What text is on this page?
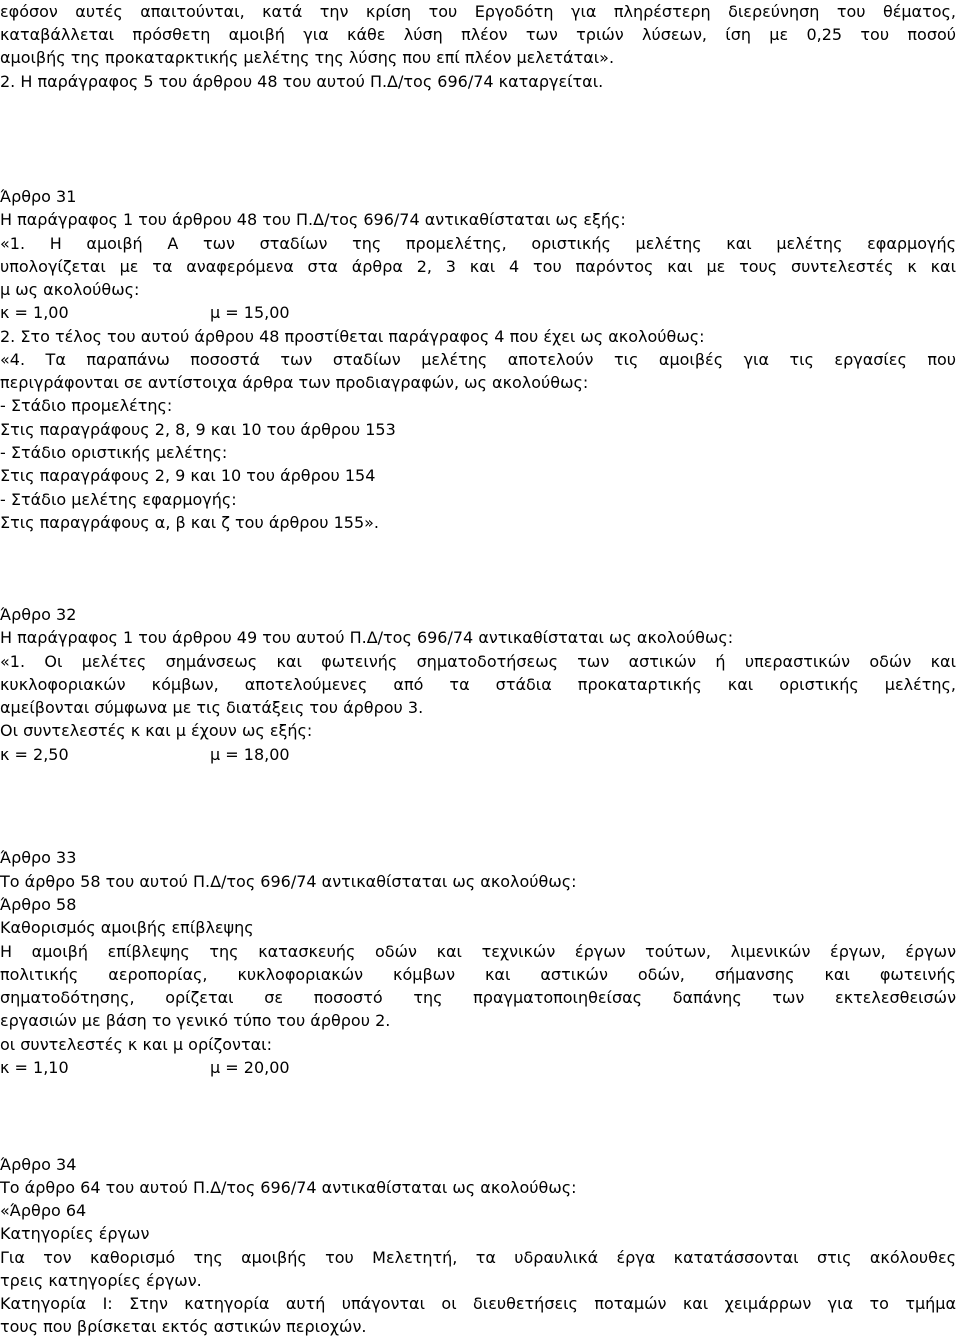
εφόσον αυτές απαιτούνται, κατά την κρίση του Εργοδότη για πληρέστερη διερεύνηση του θέματος,
καταβάλλεται πρόσθετη αμοιβή για κάθε λύση πλέον των τριών λύσεων, ίση με 0,25 του ποσού
αμοιβής της προκαταρκτικής μελέτης της λύσης που επί πλέον μελετάται».
2. Η παράγραφος 5 του άρθρου 48 του αυτού Π.Δ/τος 696/74 καταργείται.
Άρθρο 31
Η παράγραφος 1 του άρθρου 48 του Π.Δ/τος 696/74 αντικαθίσταται ως εξής:
«1. Η αμοιβή Α των σταδίων της προμελέτης, οριστικής μελέτης και μελέτης εφαρμογής
υπολογίζεται με τα αναφερόμενα στα άρθρα 2, 3 και 4 του παρόντος και με τους συντελεστές κ και
μ ως ακολούθως:
κ = 1,00	μ = 15,00
2. Στο τέλος του αυτού άρθρου 48 προστίθεται παράγραφος 4 που έχει ως ακολούθως:
«4. Τα παραπάνω ποσοστά των σταδίων μελέτης αποτελούν τις αμοιβές για τις εργασίες που
περιγράφονται σε αντίστοιχα άρθρα των προδιαγραφών, ως ακολούθως:
- Στάδιο προμελέτης:
Στις παραγράφους 2, 8, 9 και 10 του άρθρου 153
- Στάδιο οριστικής μελέτης:
Στις παραγράφους 2, 9 και 10 του άρθρου 154
- Στάδιο μελέτης εφαρμογής:
Στις παραγράφους α, β και ζ του άρθρου 155».
Άρθρο 32
Η παράγραφος 1 του άρθρου 49 του αυτού Π.Δ/τος 696/74 αντικαθίσταται ως ακολούθως:
«1. Οι μελέτες σημάνσεως και φωτεινής σηματοδοτήσεως των αστικών ή υπεραστικών οδών και
κυκλοφοριακών κόμβων, αποτελούμενες από τα στάδια προκαταρτικής και οριστικής μελέτης,
αμείβονται σύμφωνα με τις διατάξεις του άρθρου 3.
Οι συντελεστές κ και μ έχουν ως εξής:
κ = 2,50	μ = 18,00
Άρθρο 33
Το άρθρο 58 του αυτού Π.Δ/τος 696/74 αντικαθίσταται ως ακολούθως:
Άρθρο 58
Καθορισμός αμοιβής επίβλεψης
Η αμοιβή επίβλεψης της κατασκευής οδών και τεχνικών έργων τούτων, λιμενικών έργων, έργων
πολιτικής αεροπορίας, κυκλοφοριακών κόμβων και αστικών οδών, σήμανσης και φωτεινής
σηματοδότησης, ορίζεται σε ποσοστό της πραγματοποιηθείσας δαπάνης των εκτελεσθεισών
εργασιών με βάση το γενικό τύπο του άρθρου 2.
οι συντελεστές κ και μ ορίζονται:
κ = 1,10	μ = 20,00
Άρθρο 34
Το άρθρο 64 του αυτού Π.Δ/τος 696/74 αντικαθίσταται ως ακολούθως:
«Άρθρο 64
Κατηγορίες έργων
Για τον καθορισμό της αμοιβής του Μελετητή, τα υδραυλικά έργα κατατάσσονται στις ακόλουθες
τρεις κατηγορίες έργων.
Κατηγορία Ι: Στην κατηγορία αυτή υπάγονται οι διευθετήσεις ποταμών και χειμάρρων για το τμήμα
τους που βρίσκεται εκτός αστικών περιοχών.
